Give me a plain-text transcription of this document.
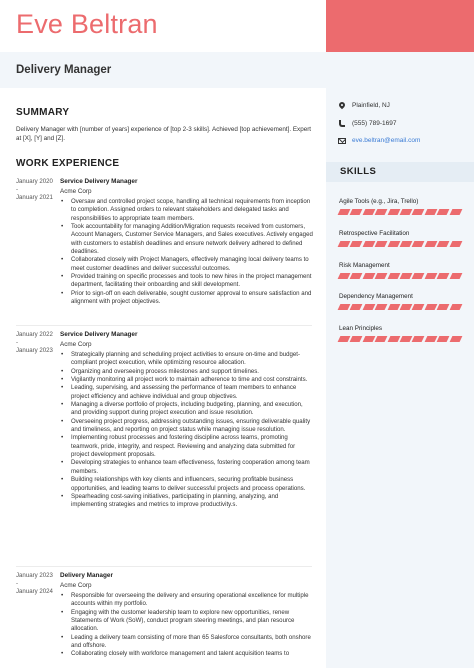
Eve Beltran
Delivery Manager
Plainfield, NJ
(555) 789-1697
eve.beltran@email.com
SKILLS
Agile Tools (e.g., Jira, Trello)
Retrospective Facilitation
Risk Management
Dependency Management
Lean Principles
SUMMARY
Delivery Manager with [number of years] experience of [top 2-3 skills]. Achieved [top achievement]. Expert at [X], [Y] and [Z].
WORK EXPERIENCE
January 2020
-
January 2021
Service Delivery Manager
Acme Corp
• Oversaw and controlled project scope, handling all technical requirements from inception to completion. Assigned orders to relevant stakeholders and delegated tasks and responsibilities to appropriate team members.
• Took accountability for managing Addition/Migration requests received from customers, Account Managers, Customer Service Managers, and Sales executives. Actively engaged with customers to establish deadlines and ensure network delivery adhered to defined deadlines.
• Collaborated closely with Project Managers, effectively managing local delivery teams to meet customer deadlines and deliver successful outcomes.
• Provided training on specific processes and tools to new hires in the project management department, facilitating their onboarding and skill development.
• Prior to sign-off on each deliverable, sought customer approval to ensure satisfaction and alignment with project objectives.
January 2022
-
January 2023
Service Delivery Manager
Acme Corp
• Strategically planning and scheduling project activities to ensure on-time and budget-compliant project execution, while optimizing resource allocation.
• Organizing and overseeing process milestones and support timelines.
• Vigilantly monitoring all project work to maintain adherence to time and cost constraints.
• Leading, supervising, and assessing the performance of team members to enhance project efficiency and achieve individual and group objectives.
• Managing a diverse portfolio of projects, including budgeting, planning, and execution, and providing support during project execution and issue resolution.
• Overseeing project progress, addressing outstanding issues, ensuring deliverable quality and timeliness, and reporting on project status while managing issue resolution.
• Implementing robust processes and fostering discipline across teams, promoting teamwork, pride, integrity, and respect. Reviewing and analyzing data submitted for project development proposals.
• Developing strategies to enhance team effectiveness, fostering cooperation among team members.
• Building relationships with key clients and influencers, securing profitable business opportunities, and leading teams to deliver successful projects and process operations.
• Spearheading cost-saving initiatives, participating in planning, analyzing, and implementing strategies and metrics to improve productivity.s.
January 2023
-
January 2024
Delivery Manager
Acme Corp
• Responsible for overseeing the delivery and ensuring operational excellence for multiple accounts within my portfolio.
• Engaging with the customer leadership team to explore new opportunities, renew Statements of Work (SoW), conduct program steering meetings, and plan resource allocation.
• Leading a delivery team consisting of more than 65 Salesforce consultants, both onshore and offshore.
• Collaborating closely with workforce management and talent acquisition teams to
